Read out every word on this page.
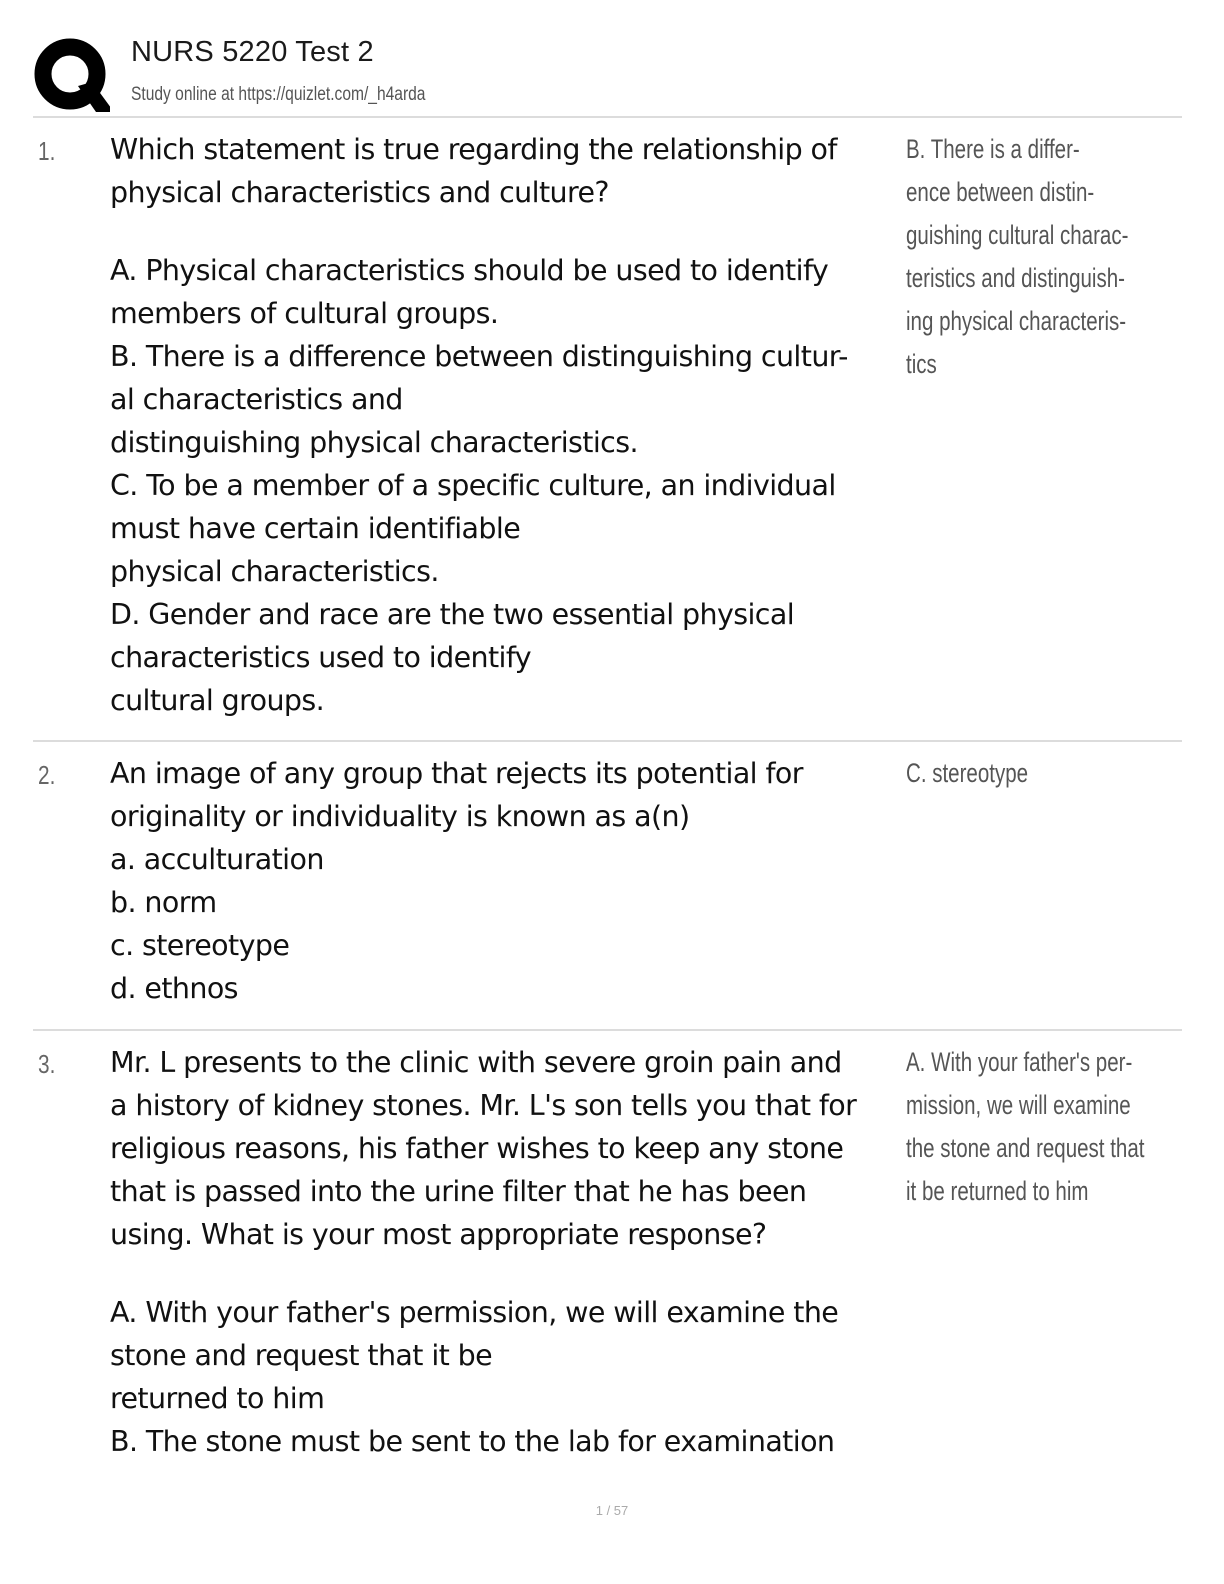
NURS 5220 Test 2
Study online at https://quizlet.com/_h4arda
1. Which statement is true regarding the relationship of
physical characteristics and culture?
A. Physical characteristics should be used to identify
members of cultural groups.
B. There is a difference between distinguishing cultur-
al characteristics and
distinguishing physical characteristics.
C. To be a member of a specific culture, an individual
must have certain identifiable
physical characteristics.
D. Gender and race are the two essential physical
characteristics used to identify
cultural groups.
B. There is a differ-
ence between distin-
guishing cultural charac-
teristics and distinguish-
ing physical characteris-
tics
2. An image of any group that rejects its potential for
originality or individuality is known as a(n)
a. acculturation
b. norm
c. stereotype
d. ethnos
C. stereotype
3. Mr. L presents to the clinic with severe groin pain and
a history of kidney stones. Mr. L's son tells you that for
religious reasons, his father wishes to keep any stone
that is passed into the urine filter that he has been
using. What is your most appropriate response?
A. With your father's permission, we will examine the
stone and request that it be
returned to him
B. The stone must be sent to the lab for examination
A. With your father's per-
mission, we will examine
the stone and request that
it be returned to him
1 / 57
